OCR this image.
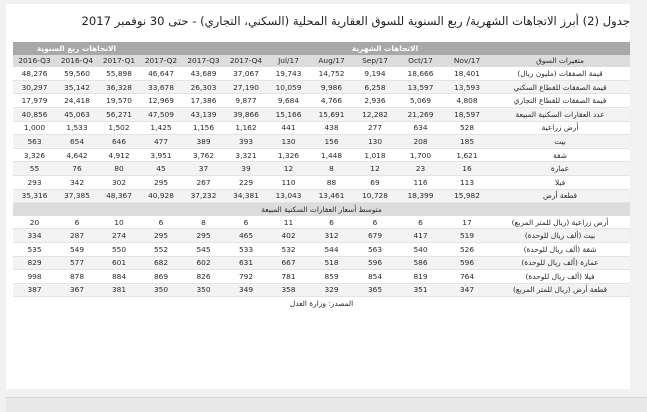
جدول (2) أبرز الاتجاهات الشهرية/ ربع السنوية للسوق العقارية المحلية (السكني، التجاري) - حتى 30 نوفمبر 2017
الاتجاهات ربع السنوية			الاتجاهات الشهرية								
2016-Q3	2016-Q4	2017-Q1	2017-Q2	2017-Q3	2017-Q4	Jul/17	Aug/17	Sep/17	Oct/17	Nov/17	متغيرات السوق
48,276	59,560	55,898	46,647	43,689	37,067	19,743	14,752	9,194	18,666	18,401	قيمة الصفقات (مليون ريال)
30,297	35,142	36,328	33,678	26,303	27,190	10,059	9,986	6,258	13,597	13,593	قيمة الصفقات للقطاع السكني
17,979	24,418	19,570	12,969	17,386	9,877	9,684	4,766	2,936	5,069	4,808	قيمة الصفقات للقطاع التجاري
40,856	45,063	56,271	47,509	43,139	39,866	15,166	15,691	12,282	21,269	18,597	عدد العقارات السكنية المبيعة
1,000	1,533	1,502	1,425	1,156	1,162	441	438	277	634	528	أرض زراعية
563	654	646	477	389	393	130	156	130	208	185	بيت
3,326	4,642	4,912	3,951	3,762	3,321	1,326	1,448	1,018	1,700	1,621	شقة
55	76	80	45	37	39	12	8	12	23	16	عمارة
293	342	302	295	267	229	110	88	69	116	113	فيلا
35,316	37,385	48,367	40,928	37,232	34,381	13,043	13,461	10,728	18,399	15,982	قطعة أرض
متوسط أسعار العقارات السكنية المبيعة											
20	6	10	6	8	6	11	6	6	6	17	أرض زراعية (ريال للمتر المربع)
334	287	274	295	295	465	402	312	679	417	519	بيت (ألف ريال للوحدة)
535	549	550	552	545	533	532	544	563	540	526	شقة (ألف ريال للوحدة)
829	577	601	682	602	631	667	518	596	586	596	عمارة (ألف ريال للوحدة)
998	878	884	869	826	792	781	859	854	819	764	فيلا (ألف ريال للوحدة)
387	367	381	350	350	349	358	329	365	351	347	قطعة أرض (ريال للمتر المربع)
المصدر: وزارة العدل											
